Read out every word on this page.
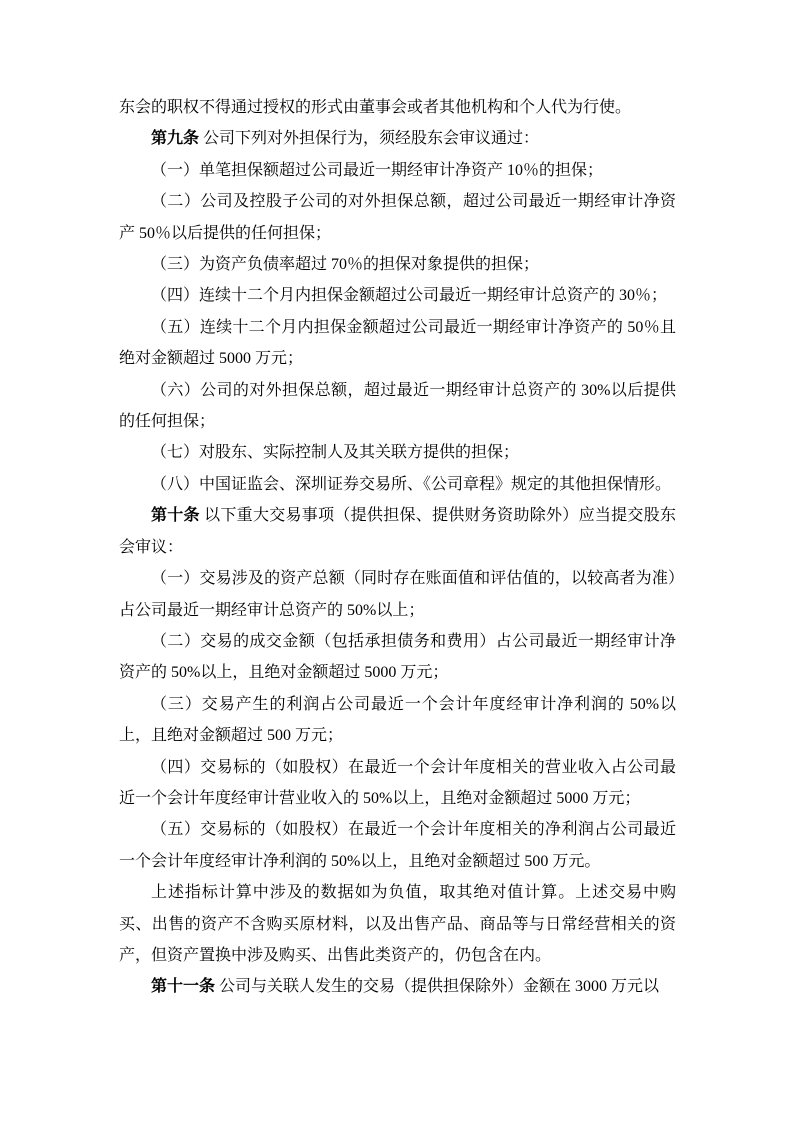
东会的职权不得通过授权的形式由董事会或者其他机构和个人代为行使。

第九条 公司下列对外担保行为，须经股东会审议通过：

（一）单笔担保额超过公司最近一期经审计净资产 10％的担保；

（二）公司及控股子公司的对外担保总额，超过公司最近一期经审计净资产 50％以后提供的任何担保；

（三）为资产负债率超过 70％的担保对象提供的担保；

（四）连续十二个月内担保金额超过公司最近一期经审计总资产的 30％；

（五）连续十二个月内担保金额超过公司最近一期经审计净资产的 50％且绝对金额超过 5000 万元；

（六）公司的对外担保总额，超过最近一期经审计总资产的 30%以后提供的任何担保；

（七）对股东、实际控制人及其关联方提供的担保；

（八）中国证监会、深圳证券交易所、《公司章程》规定的其他担保情形。

第十条 以下重大交易事项（提供担保、提供财务资助除外）应当提交股东会审议：

（一）交易涉及的资产总额（同时存在账面值和评估值的，以较高者为准）占公司最近一期经审计总资产的 50%以上；

（二）交易的成交金额（包括承担债务和费用）占公司最近一期经审计净资产的 50%以上，且绝对金额超过 5000 万元；

（三）交易产生的利润占公司最近一个会计年度经审计净利润的 50%以上，且绝对金额超过 500 万元；

（四）交易标的（如股权）在最近一个会计年度相关的营业收入占公司最近一个会计年度经审计营业收入的 50%以上，且绝对金额超过 5000 万元；

（五）交易标的（如股权）在最近一个会计年度相关的净利润占公司最近一个会计年度经审计净利润的 50%以上，且绝对金额超过 500 万元。

上述指标计算中涉及的数据如为负值，取其绝对值计算。上述交易中购买、出售的资产不含购买原材料，以及出售产品、商品等与日常经营相关的资产，但资产置换中涉及购买、出售此类资产的，仍包含在内。

第十一条 公司与关联人发生的交易（提供担保除外）金额在 3000 万元以
